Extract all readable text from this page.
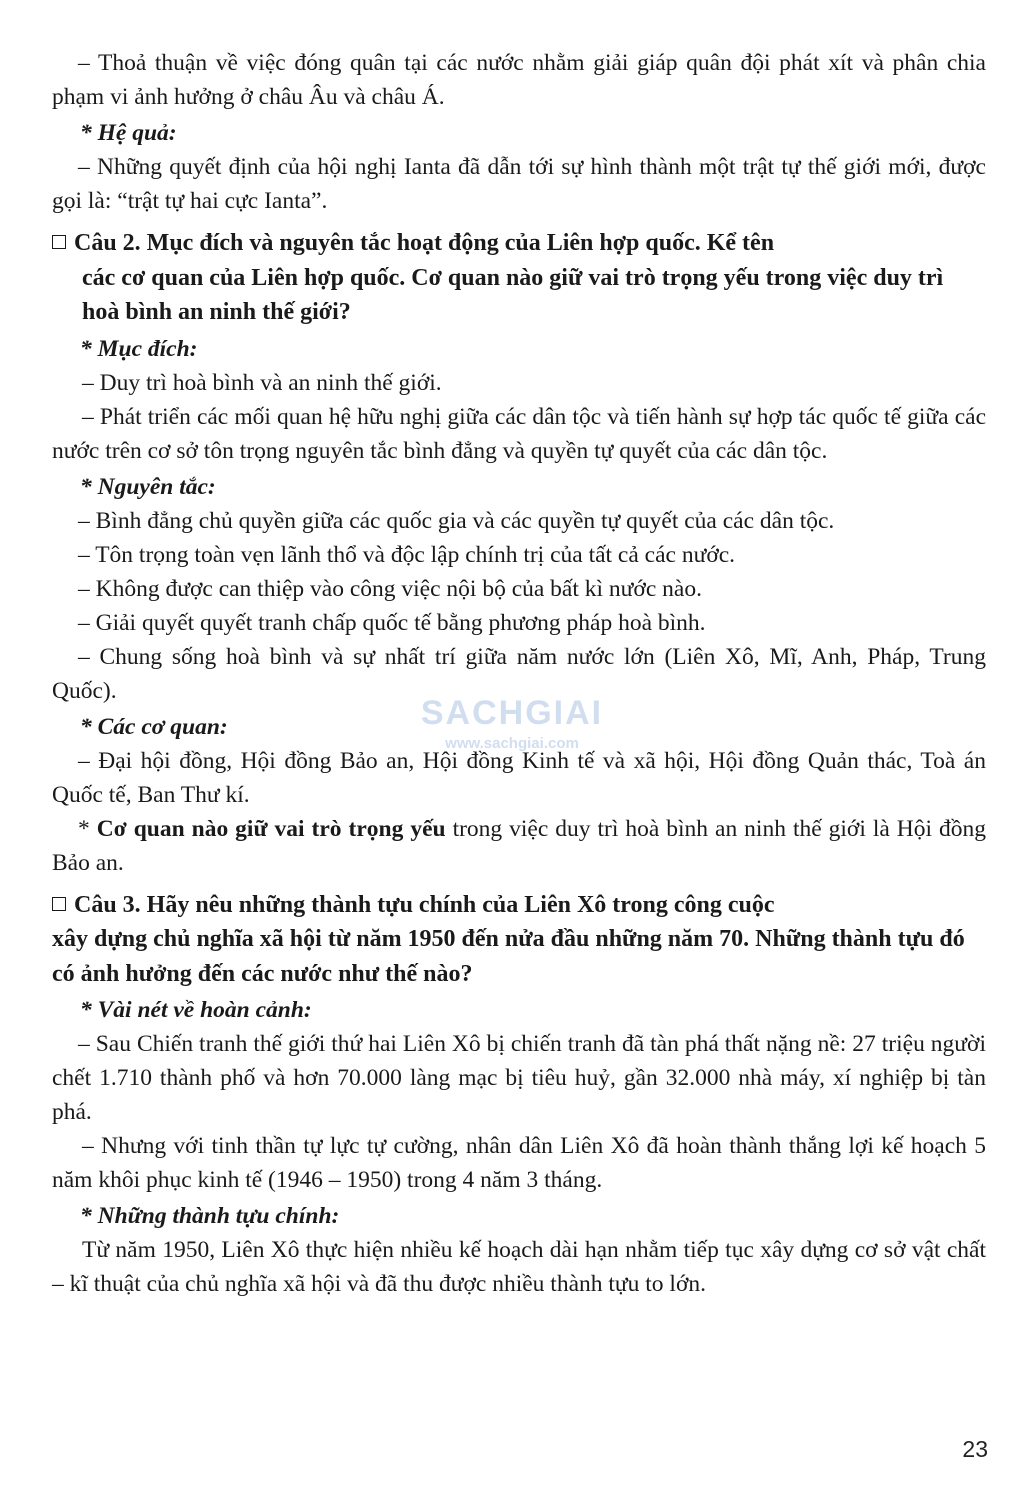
– Thoả thuận về việc đóng quân tại các nước nhằm giải giáp quân đội phát xít và phân chia phạm vi ảnh hưởng ở châu Âu và châu Á.

* Hệ quả:

– Những quyết định của hội nghị Ianta đã dẫn tới sự hình thành một trật tự thế giới mới, được gọi là: “trật tự hai cực Ianta”.

Câu 2. Mục đích và nguyên tắc hoạt động của Liên hợp quốc. Kể tên
các cơ quan của Liên hợp quốc. Cơ quan nào giữ vai trò trọng yếu trong việc duy trì hoà bình an ninh thế giới?

* Mục đích:

– Duy trì hoà bình và an ninh thế giới.

– Phát triển các mối quan hệ hữu nghị giữa các dân tộc và tiến hành sự hợp tác quốc tế giữa các nước trên cơ sở tôn trọng nguyên tắc bình đẳng và quyền tự quyết của các dân tộc.

* Nguyên tắc:

– Bình đẳng chủ quyền giữa các quốc gia và các quyền tự quyết của các dân tộc.

– Tôn trọng toàn vẹn lãnh thổ và độc lập chính trị của tất cả các nước.

– Không được can thiệp vào công việc nội bộ của bất kì nước nào.

– Giải quyết quyết tranh chấp quốc tế bằng phương pháp hoà bình.

– Chung sống hoà bình và sự nhất trí giữa năm nước lớn (Liên Xô, Mĩ, Anh, Pháp, Trung Quốc).

* Các cơ quan:

– Đại hội đồng, Hội đồng Bảo an, Hội đồng Kinh tế và xã hội, Hội đồng Quản thác, Toà án Quốc tế, Ban Thư kí.

* Cơ quan nào giữ vai trò trọng yếu trong việc duy trì hoà bình an ninh thế giới là Hội đồng Bảo an.

Câu 3. Hãy nêu những thành tựu chính của Liên Xô trong công cuộc
xây dựng chủ nghĩa xã hội từ năm 1950 đến nửa đầu những năm 70. Những thành tựu đó có ảnh hưởng đến các nước như thế nào?

* Vài nét về hoàn cảnh:

– Sau Chiến tranh thế giới thứ hai Liên Xô bị chiến tranh đã tàn phá thất nặng nề: 27 triệu người chết 1.710 thành phố và hơn 70.000 làng mạc bị tiêu huỷ, gần 32.000 nhà máy, xí nghiệp bị tàn phá.

– Nhưng với tinh thần tự lực tự cường, nhân dân Liên Xô đã hoàn thành thắng lợi kế hoạch 5 năm khôi phục kinh tế (1946 – 1950) trong 4 năm 3 tháng.

* Những thành tựu chính:

Từ năm 1950, Liên Xô thực hiện nhiều kế hoạch dài hạn nhằm tiếp tục xây dựng cơ sở vật chất – kĩ thuật của chủ nghĩa xã hội và đã thu được nhiều thành tựu to lớn.

SACHGIAI
www.sachgiai.com
23
